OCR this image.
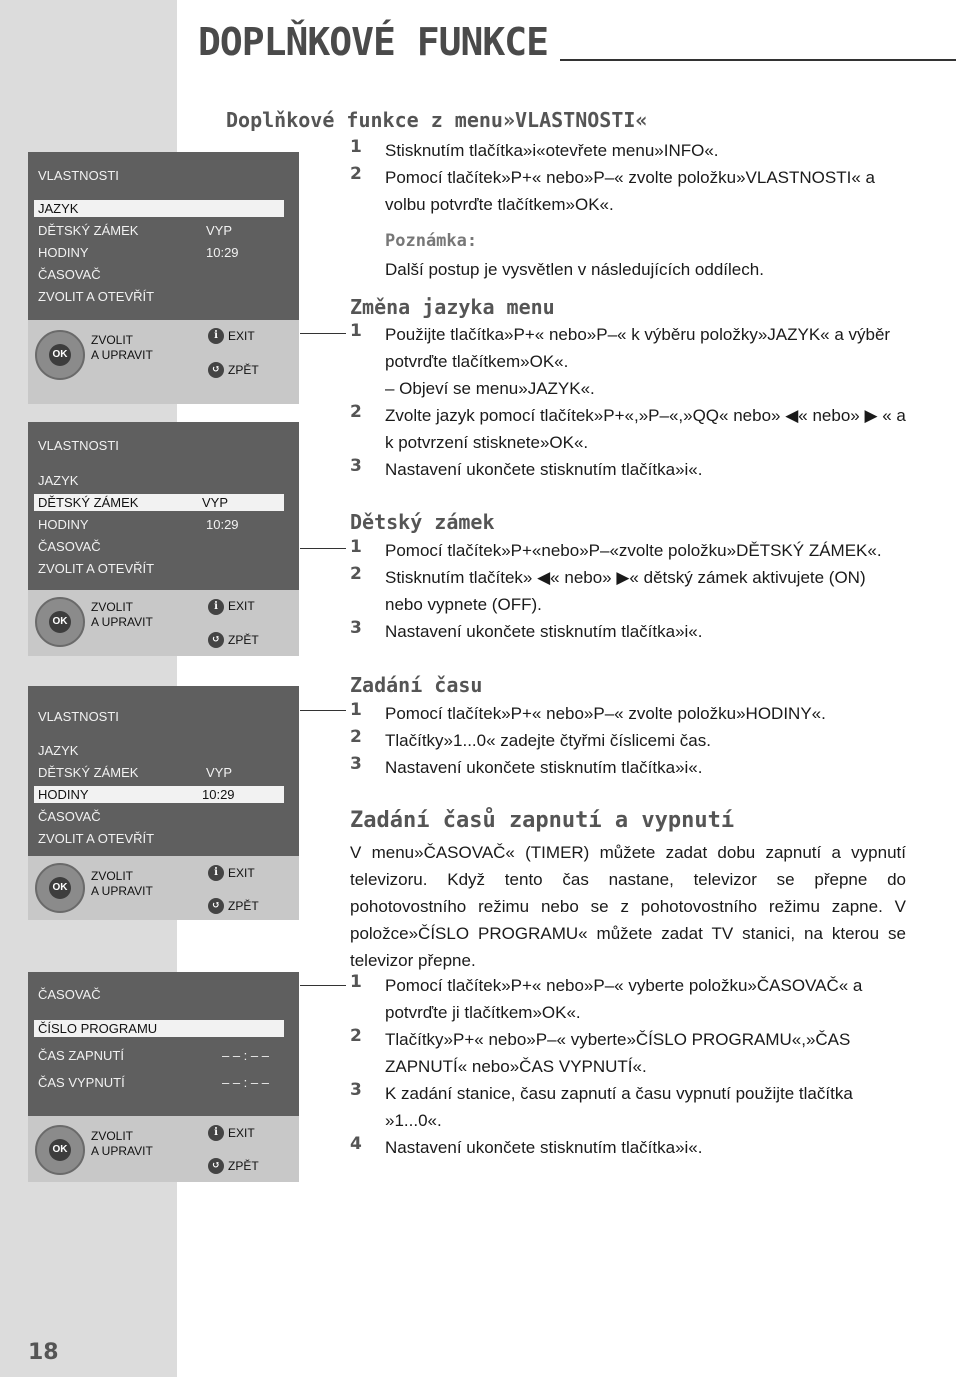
18
DOPLŇKOVÉ FUNKCE
VLASTNOSTI
JAZYK
DĚTSKÝ ZÁMEK	VYP
HODINY	10:29
ČASOVAČ
ZVOLIT A OTEVŘÍT
OK
ZVOLIT
A UPRAVIT
i EXIT
↺ ZPĚT
VLASTNOSTI
JAZYK
DĚTSKÝ ZÁMEK	VYP
HODINY	10:29
ČASOVAČ
ZVOLIT A OTEVŘÍT
OK
ZVOLIT
A UPRAVIT
i EXIT
↺ ZPĚT
VLASTNOSTI
JAZYK
DĚTSKÝ ZÁMEK	VYP
HODINY	10:29
ČASOVAČ
ZVOLIT A OTEVŘÍT
OK
ZVOLIT
A UPRAVIT
i EXIT
↺ ZPĚT
ČASOVAČ
ČÍSLO PROGRAMU
ČAS ZAPNUTÍ	– – : – –
ČAS VYPNUTÍ	– – : – –
OK
ZVOLIT
A UPRAVIT
i EXIT
↺ ZPĚT
Doplňkové funkce z menu»VLASTNOSTI«
1 Stisknutím tlačítka»i«otevřete menu»INFO«.
2 Pomocí tlačítek»P+« nebo»P–« zvolte položku»VLASTNOSTI« a volbu potvrďte tlačítkem»OK«.
Poznámka:
Další postup je vysvětlen v následujících oddílech.
Změna jazyka menu
1 Použijte tlačítka»P+« nebo»P–« k výběru položky»JAZYK« a výběr potvrďte tlačítkem»OK«.
– Objeví se menu»JAZYK«.
2 Zvolte jazyk pomocí tlačítek»P+«,»P–«,»QQ« nebo» ◀« nebo» ▶ « a k potvrzení stisknete»OK«.
3 Nastavení ukončete stisknutím tlačítka»i«.
Dětský zámek
1 Pomocí tlačítek»P+«nebo»P–«zvolte položku»DĚTSKÝ ZÁMEK«.
2 Stisknutím tlačítek» ◀« nebo» ▶« dětský zámek aktivujete (ON) nebo vypnete (OFF).
3 Nastavení ukončete stisknutím tlačítka»i«.
Zadání času
1 Pomocí tlačítek»P+« nebo»P–« zvolte položku»HODINY«.
2 Tlačítky»1...0« zadejte čtyřmi číslicemi čas.
3 Nastavení ukončete stisknutím tlačítka»i«.
Zadání časů zapnutí a vypnutí
V menu»ČASOVAČ« (TIMER) můžete zadat dobu zapnutí a vypnutí televizoru. Když tento čas nastane, televizor se přepne do pohotovostního režimu nebo se z pohotovostního režimu zapne. V položce»ČÍSLO PROGRAMU« můžete zadat TV stanici, na kterou se televizor přepne.
1 Pomocí tlačítek»P+« nebo»P–« vyberte položku»ČASOVAČ« a potvrďte ji tlačítkem»OK«.
2 Tlačítky»P+« nebo»P–« vyberte»ČÍSLO PROGRAMU«,»ČAS ZAPNUTÍ« nebo»ČAS VYPNUTÍ«.
3 K zadání stanice, času zapnutí a času vypnutí použijte tlačítka »1...0«.
4 Nastavení ukončete stisknutím tlačítka»i«.
